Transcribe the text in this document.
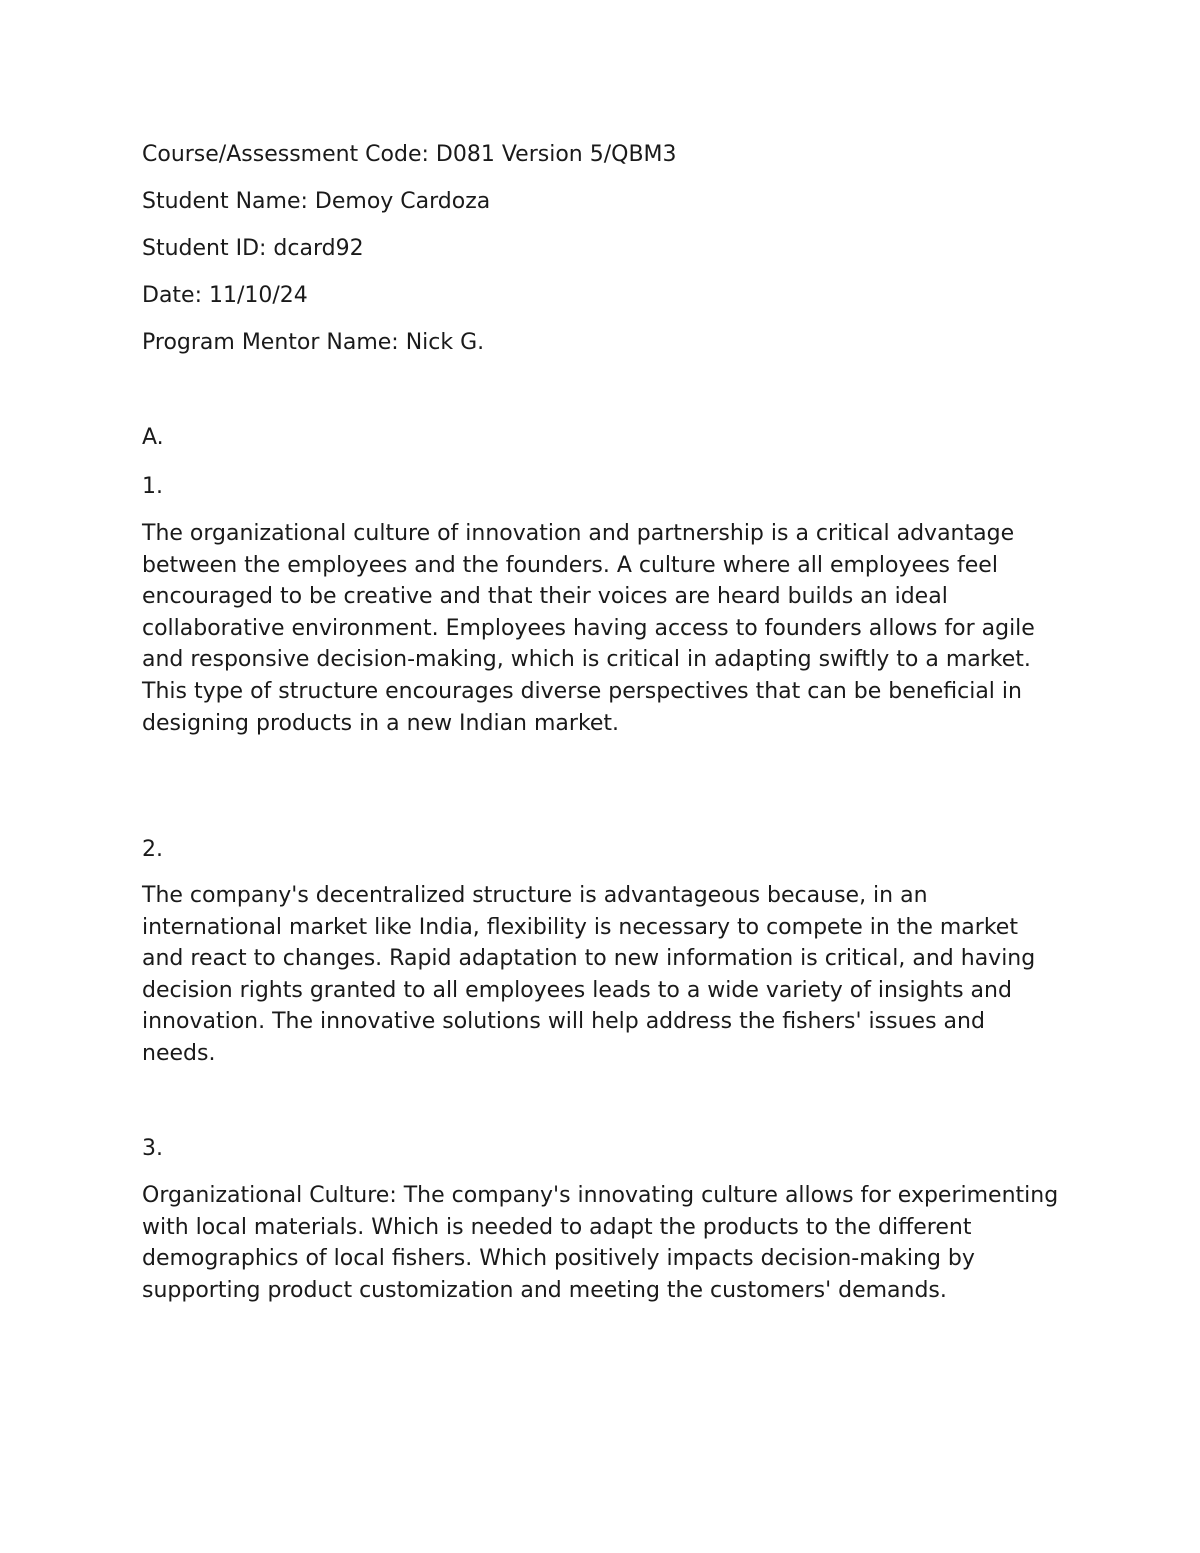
Course/Assessment Code: D081 Version 5/QBM3

Student Name: Demoy Cardoza

Student ID: dcard92

Date: 11/10/24

Program Mentor Name: Nick G.

A.

1.

The organizational culture of innovation and partnership is a critical advantage between the employees and the founders. A culture where all employees feel encouraged to be creative and that their voices are heard builds an ideal collaborative environment. Employees having access to founders allows for agile and responsive decision-making, which is critical in adapting swiftly to a market. This type of structure encourages diverse perspectives that can be beneficial in designing products in a new Indian market.

2.

The company's decentralized structure is advantageous because, in an international market like India, flexibility is necessary to compete in the market and react to changes. Rapid adaptation to new information is critical, and having decision rights granted to all employees leads to a wide variety of insights and innovation. The innovative solutions will help address the fishers' issues and needs.

3.

Organizational Culture: The company's innovating culture allows for experimenting with local materials. Which is needed to adapt the products to the different demographics of local fishers. Which positively impacts decision-making by supporting product customization and meeting the customers' demands.
